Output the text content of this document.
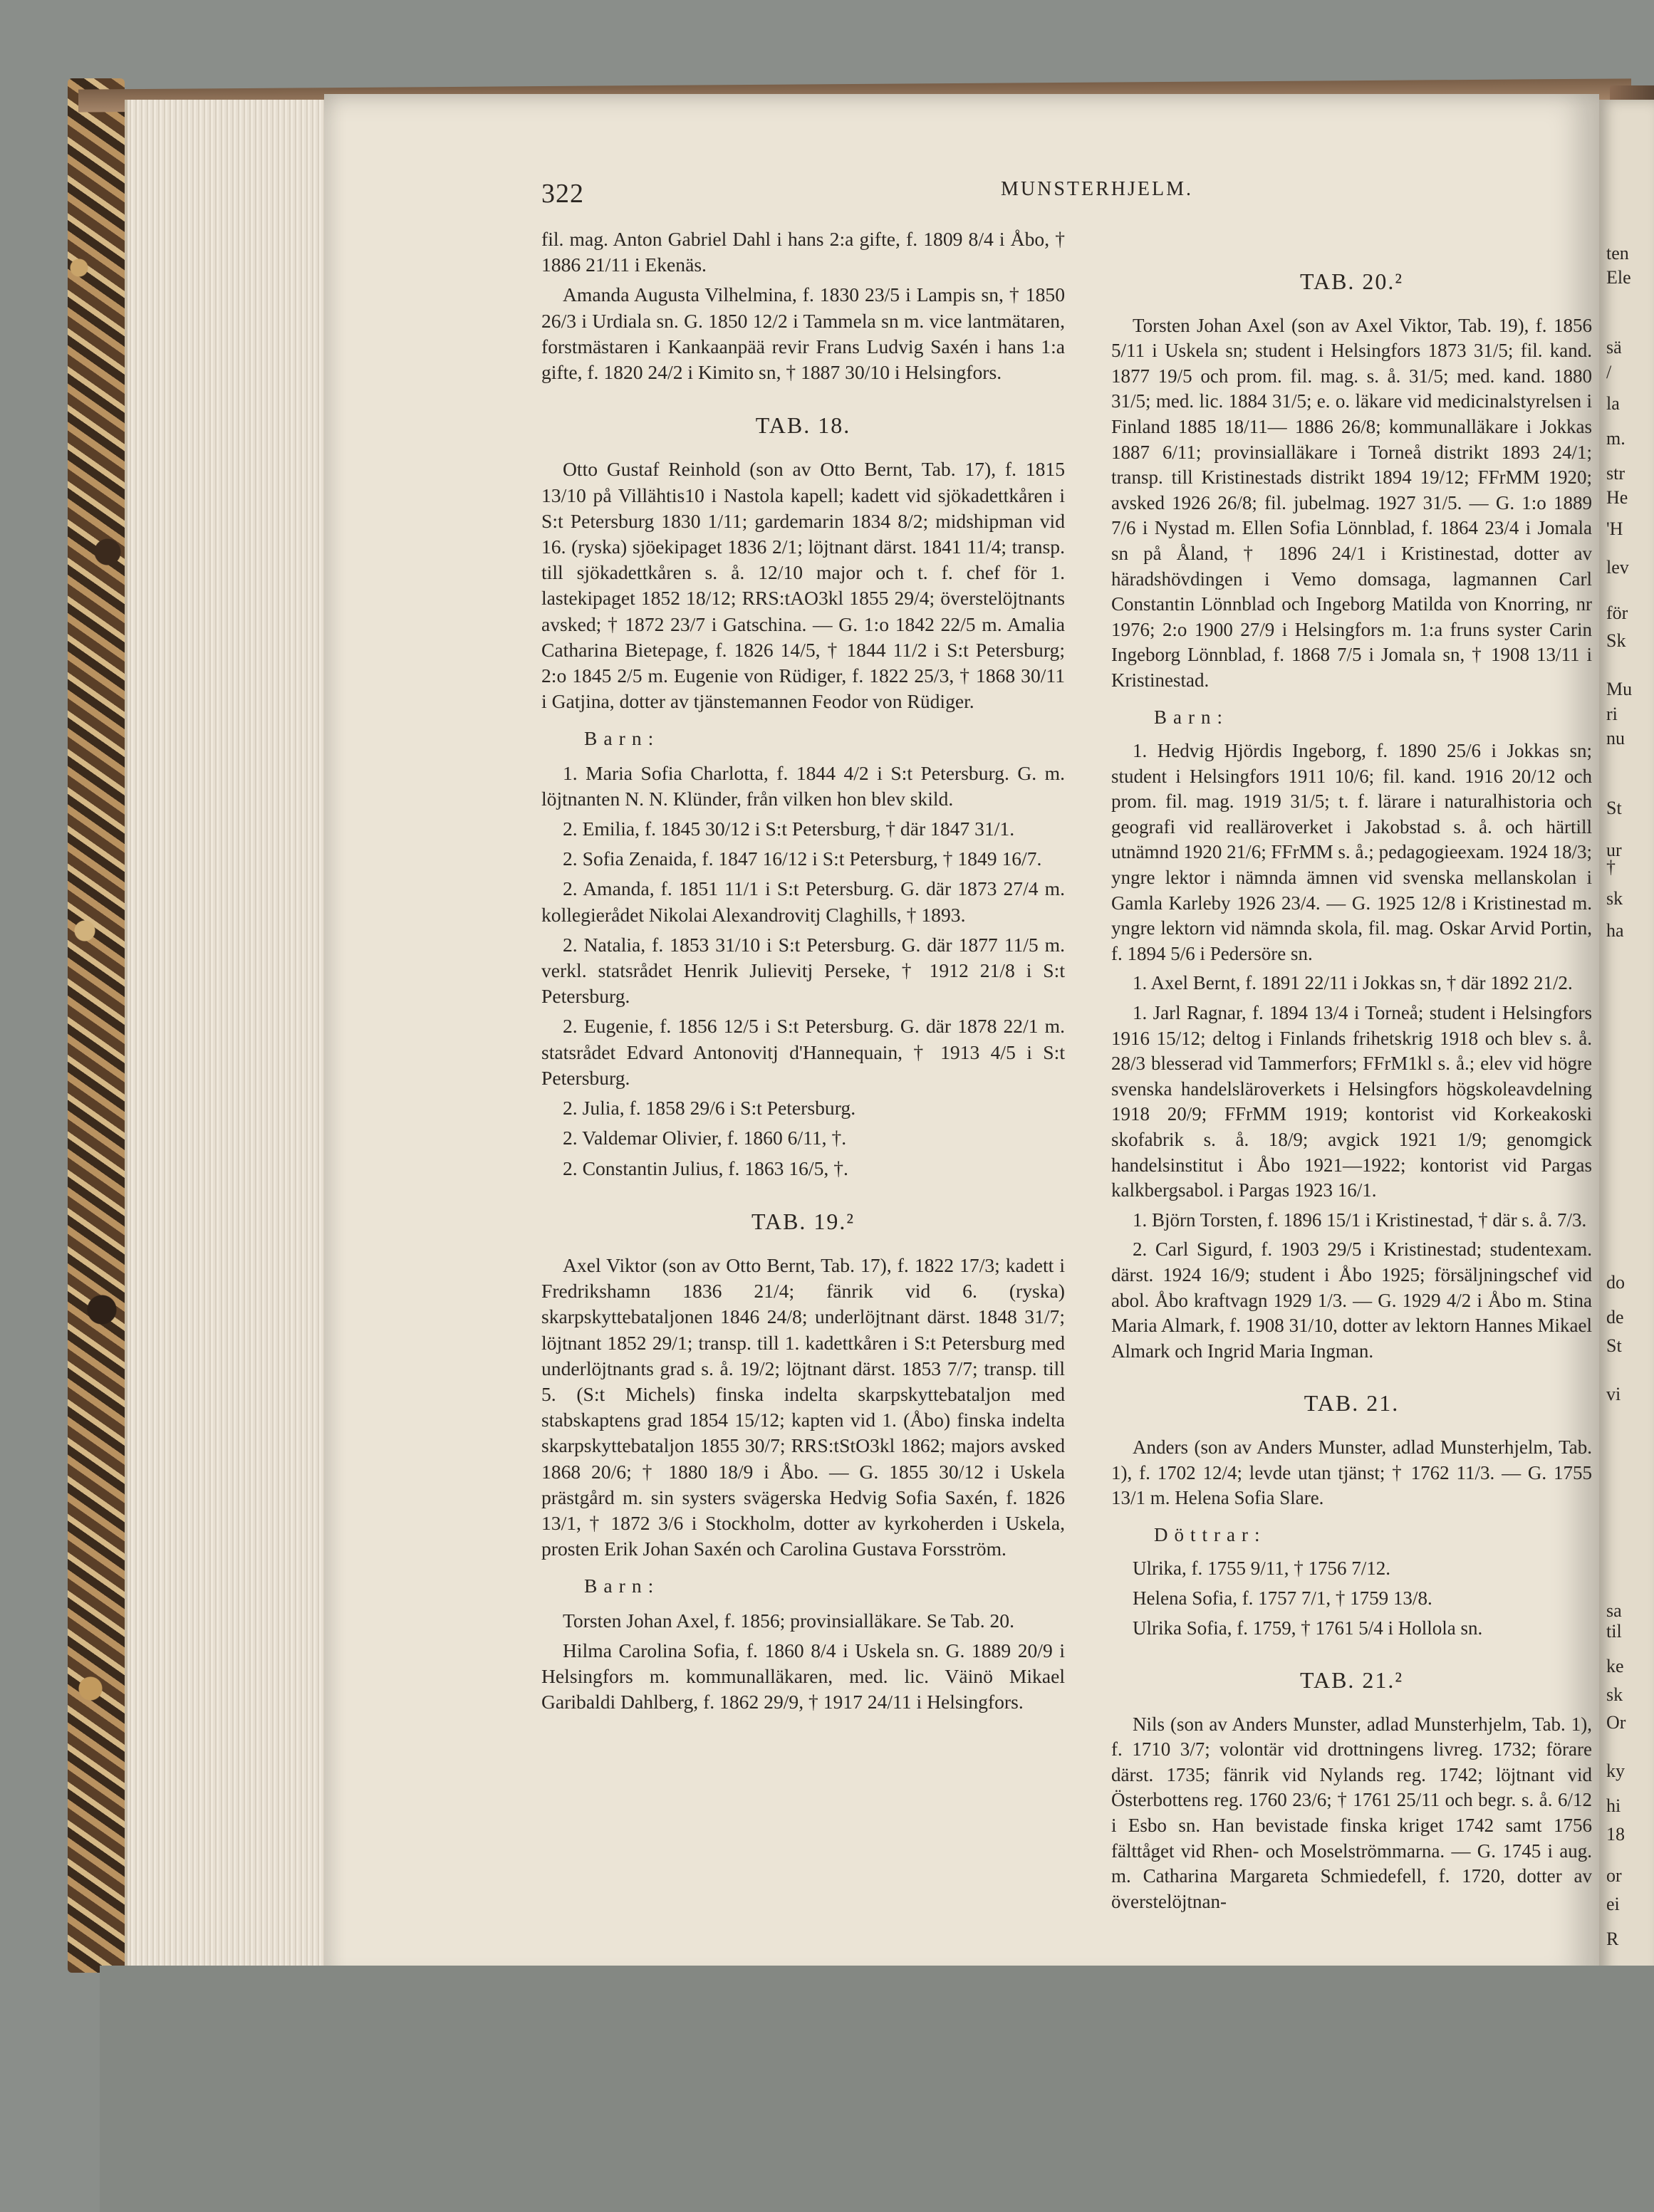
322	MUNSTERHJELM.

fil. mag. Anton Gabriel Dahl i hans 2:a gifte, f. 1809 8/4 i Åbo, † 1886 21/11 i Ekenäs.

Amanda Augusta Vilhelmina, f. 1830 23/5 i Lampis sn, † 1850 26/3 i Urdiala sn. G. 1850 12/2 i Tammela sn m. vice lantmätaren, forstmästaren i Kankaanpää revir Frans Ludvig Saxén i hans 1:a gifte, f. 1820 24/2 i Kimito sn, † 1887 30/10 i Helsingfors.

TAB. 18.

Otto Gustaf Reinhold (son av Otto Bernt, Tab. 17), f. 1815 13/10 på Villähtis10 i Nastola kapell; kadett vid sjökadettkåren i S:t Petersburg 1830 1/11; gardemarin 1834 8/2; midshipman vid 16. (ryska) sjöekipaget 1836 2/1; löjtnant därst. 1841 11/4; transp. till sjökadettkåren s. å. 12/10 major och t. f. chef för 1. lastekipaget 1852 18/12; RRS:tAO3kl 1855 29/4; överstelöjtnants avsked; † 1872 23/7 i Gatschina. — G. 1:o 1842 22/5 m. Amalia Catharina Bietepage, f. 1826 14/5, † 1844 11/2 i S:t Petersburg; 2:o 1845 2/5 m. Eugenie von Rüdiger, f. 1822 25/3, † 1868 30/11 i Gatjina, dotter av tjänstemannen Feodor von Rüdiger.

Barn:

1. Maria Sofia Charlotta, f. 1844 4/2 i S:t Petersburg. G. m. löjtnanten N. N. Klünder, från vilken hon blev skild.

2. Emilia, f. 1845 30/12 i S:t Petersburg, † där 1847 31/1.

2. Sofia Zenaida, f. 1847 16/12 i S:t Petersburg, † 1849 16/7.

2. Amanda, f. 1851 11/1 i S:t Petersburg. G. där 1873 27/4 m. kollegierådet Nikolai Alexandrovitj Claghills, † 1893.

2. Natalia, f. 1853 31/10 i S:t Petersburg. G. där 1877 11/5 m. verkl. statsrådet Henrik Julievitj Perseke, † 1912 21/8 i S:t Petersburg.

2. Eugenie, f. 1856 12/5 i S:t Petersburg. G. där 1878 22/1 m. statsrådet Edvard Antonovitj d'Hannequain, † 1913 4/5 i S:t Petersburg.

2. Julia, f. 1858 29/6 i S:t Petersburg.

2. Valdemar Olivier, f. 1860 6/11, †.

2. Constantin Julius, f. 1863 16/5, †.

TAB. 19.²

Axel Viktor (son av Otto Bernt, Tab. 17), f. 1822 17/3; kadett i Fredrikshamn 1836 21/4; fänrik vid 6. (ryska) skarpskyttebataljonen 1846 24/8; underlöjtnant därst. 1848 31/7; löjtnant 1852 29/1; transp. till 1. kadettkåren i S:t Petersburg med underlöjtnants grad s. å. 19/2; löjtnant därst. 1853 7/7; transp. till 5. (S:t Michels) finska indelta skarpskyttebataljon med stabskaptens grad 1854 15/12; kapten vid 1. (Åbo) finska indelta skarpskyttebataljon 1855 30/7; RRS:tStO3kl 1862; majors avsked 1868 20/6; † 1880 18/9 i Åbo. — G. 1855 30/12 i Uskela prästgård m. sin systers svägerska Hedvig Sofia Saxén, f. 1826 13/1, † 1872 3/6 i Stockholm, dotter av kyrkoherden i Uskela, prosten Erik Johan Saxén och Carolina Gustava Forsström.

Barn:

Torsten Johan Axel, f. 1856; provinsialläkare. Se Tab. 20.

Hilma Carolina Sofia, f. 1860 8/4 i Uskela sn. G. 1889 20/9 i Helsingfors m. kommunalläkaren, med. lic. Väinö Mikael Garibaldi Dahlberg, f. 1862 29/9, † 1917 24/11 i Helsingfors.

TAB. 20.²

Torsten Johan Axel (son av Axel Viktor, Tab. 19), f. 1856 5/11 i Uskela sn; student i Helsingfors 1873 31/5; fil. kand. 1877 19/5 och prom. fil. mag. s. å. 31/5; med. kand. 1880 31/5; med. lic. 1884 31/5; e. o. läkare vid medicinalstyrelsen i Finland 1885 18/11— 1886 26/8; kommunalläkare i Jokkas 1887 6/11; provinsialläkare i Torneå distrikt 1893 24/1; transp. till Kristinestads distrikt 1894 19/12; FFrMM 1920; avsked 1926 26/8; fil. jubelmag. 1927 31/5. — G. 1:o 1889 7/6 i Nystad m. Ellen Sofia Lönnblad, f. 1864 23/4 i Jomala sn på Åland, † 1896 24/1 i Kristinestad, dotter av häradshövdingen i Vemo domsaga, lagmannen Carl Constantin Lönnblad och Ingeborg Matilda von Knorring, nr 1976; 2:o 1900 27/9 i Helsingfors m. 1:a fruns syster Carin Ingeborg Lönnblad, f. 1868 7/5 i Jomala sn, † 1908 13/11 i Kristinestad.

Barn:

1. Hedvig Hjördis Ingeborg, f. 1890 25/6 i Jokkas sn; student i Helsingfors 1911 10/6; fil. kand. 1916 20/12 och prom. fil. mag. 1919 31/5; t. f. lärare i naturalhistoria och geografi vid realläroverket i Jakobstad s. å. och härtill utnämnd 1920 21/6; FFrMM s. å.; pedagogieexam. 1924 18/3; yngre lektor i nämnda ämnen vid svenska mellanskolan i Gamla Karleby 1926 23/4. — G. 1925 12/8 i Kristinestad m. yngre lektorn vid nämnda skola, fil. mag. Oskar Arvid Portin, f. 1894 5/6 i Pedersöre sn.

1. Axel Bernt, f. 1891 22/11 i Jokkas sn, † där 1892 21/2.

1. Jarl Ragnar, f. 1894 13/4 i Torneå; student i Helsingfors 1916 15/12; deltog i Finlands frihetskrig 1918 och blev s. å. 28/3 blesserad vid Tammerfors; FFrM1kl s. å.; elev vid högre svenska handelsläroverkets i Helsingfors högskoleavdelning 1918 20/9; FFrMM 1919; kontorist vid Korkeakoski skofabrik s. å. 18/9; avgick 1921 1/9; genomgick handelsinstitut i Åbo 1921—1922; kontorist vid Pargas kalkbergsabol. i Pargas 1923 16/1.

1. Björn Torsten, f. 1896 15/1 i Kristinestad, † där s. å. 7/3.

2. Carl Sigurd, f. 1903 29/5 i Kristinestad; studentexam. därst. 1924 16/9; student i Åbo 1925; försäljningschef vid abol. Åbo kraftvagn 1929 1/3. — G. 1929 4/2 i Åbo m. Stina Maria Almark, f. 1908 31/10, dotter av lektorn Hannes Mikael Almark och Ingrid Maria Ingman.

TAB. 21.

Anders (son av Anders Munster, adlad Munsterhjelm, Tab. 1), f. 1702 12/4; levde utan tjänst; † 1762 11/3. — G. 1755 13/1 m. Helena Sofia Slare.

Döttrar:

Ulrika, f. 1755 9/11, † 1756 7/12.

Helena Sofia, f. 1757 7/1, † 1759 13/8.

Ulrika Sofia, f. 1759, † 1761 5/4 i Hollola sn.

TAB. 21.²

Nils (son av Anders Munster, adlad Munsterhjelm, Tab. 1), f. 1710 3/7; volontär vid drottningens livreg. 1732; förare därst. 1735; fänrik vid Nylands reg. 1742; löjtnant vid Österbottens reg. 1760 23/6; † 1761 25/11 och begr. s. å. 6/12 i Esbo sn. Han bevistade finska kriget 1742 samt 1756 fälttåget vid Rhen- och Moselströmmarna. — G. 1745 i aug. m. Catharina Margareta Schmiedefell, f. 1720, dotter av överstelöjtnan-

ten
Ele
sä
/
la
m.
str
He
'H
lev
för
Sk
Mu
ri
nu
St
ur
†
sk
ha
do
de
St
vi
sa
til
ke
sk
Or
ky
hi
18
or
ei
R
